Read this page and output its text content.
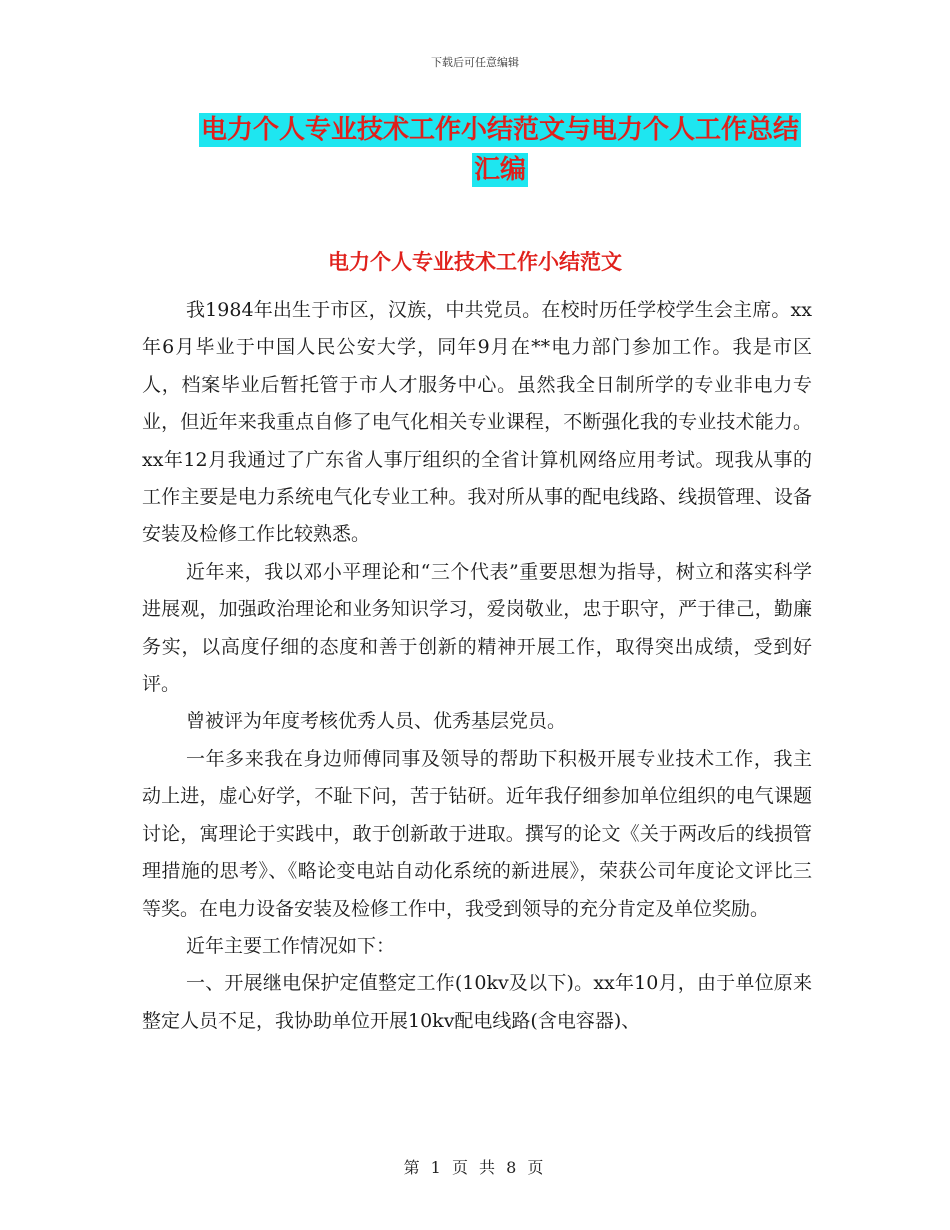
下载后可任意编辑
电力个人专业技术工作小结范文与电力个人工作总结
汇编
电力个人专业技术工作小结范文

我1984年出生于市区，汉族，中共党员。在校时历任学校学生会主席。xx年6月毕业于中国人民公安大学，同年9月在**电力部门参加工作。我是市区人，档案毕业后暂托管于市人才服务中心。虽然我全日制所学的专业非电力专业，但近年来我重点自修了电气化相关专业课程，不断强化我的专业技术能力。xx年12月我通过了广东省人事厅组织的全省计算机网络应用考试。现我从事的工作主要是电力系统电气化专业工种。我对所从事的配电线路、线损管理、设备安装及检修工作比较熟悉。

近年来，我以邓小平理论和“三个代表”重要思想为指导，树立和落实科学进展观，加强政治理论和业务知识学习，爱岗敬业，忠于职守，严于律己，勤廉务实，以高度仔细的态度和善于创新的精神开展工作，取得突出成绩，受到好评。

曾被评为年度考核优秀人员、优秀基层党员。

一年多来我在身边师傅同事及领导的帮助下积极开展专业技术工作，我主动上进，虚心好学，不耻下问，苦于钻研。近年我仔细参加单位组织的电气课题讨论，寓理论于实践中，敢于创新敢于进取。撰写的论文《关于两改后的线损管理措施的思考》、《略论变电站自动化系统的新进展》，荣获公司年度论文评比三等奖。在电力设备安装及检修工作中，我受到领导的充分肯定及单位奖励。

近年主要工作情况如下：

一、开展继电保护定值整定工作(10kv及以下)。xx年10月，由于单位原来整定人员不足，我协助单位开展10kv配电线路(含电容器)、

第 1 页 共 8 页
